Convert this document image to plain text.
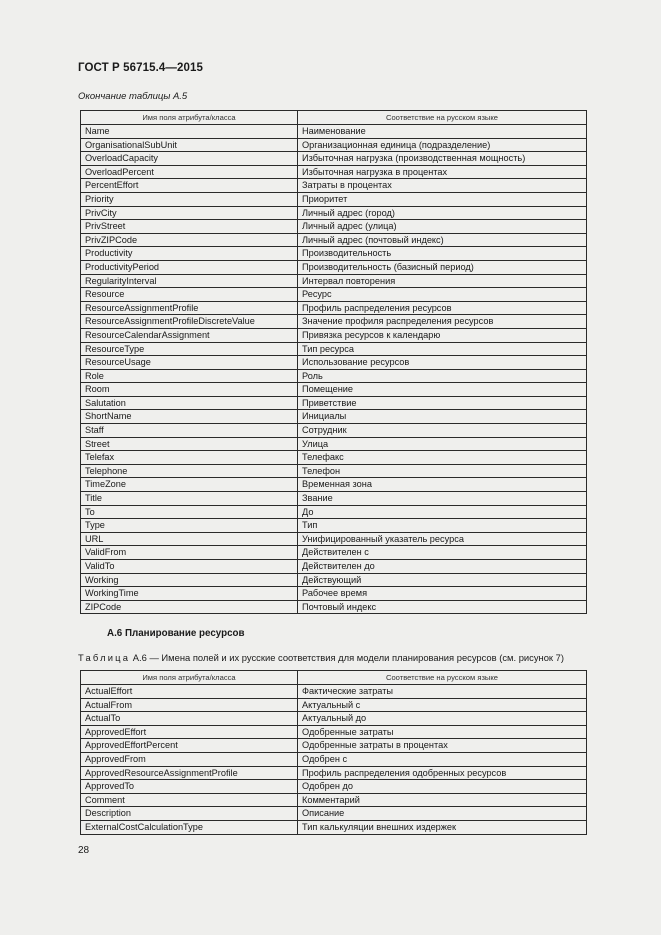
ГОСТ Р 56715.4—2015
Окончание таблицы А.5
Имя поля атрибута/класса	Соответствие на русском языке
Name	Наименование
OrganisationalSubUnit	Организационная единица (подразделение)
OverloadCapacity	Избыточная нагрузка (производственная мощность)
OverloadPercent	Избыточная нагрузка в процентах
PercentEffort	Затраты в процентах
Priority	Приоритет
PrivCity	Личный адрес (город)
PrivStreet	Личный адрес (улица)
PrivZIPCode	Личный адрес (почтовый индекс)
Productivity	Производительность
ProductivityPeriod	Производительность (базисный период)
RegularityInterval	Интервал повторения
Resource	Ресурс
ResourceAssignmentProfile	Профиль распределения ресурсов
ResourceAssignmentProfileDiscreteValue	Значение профиля распределения ресурсов
ResourceCalendarAssignment	Привязка ресурсов к календарю
ResourceType	Тип ресурса
ResourceUsage	Использование ресурсов
Role	Роль
Room	Помещение
Salutation	Приветствие
ShortName	Инициалы
Staff	Сотрудник
Street	Улица
Telefax	Телефакс
Telephone	Телефон
TimeZone	Временная зона
Title	Звание
To	До
Type	Тип
URL	Унифицированный указатель ресурса
ValidFrom	Действителен с
ValidTo	Действителен до
Working	Действующий
WorkingTime	Рабочее время
ZIPCode	Почтовый индекс
А.6 Планирование ресурсов
Таблица А.6 — Имена полей и их русские соответствия для модели планирования ресурсов (см. рисунок 7)
Имя поля атрибута/класса	Соответствие на русском языке
ActualEffort	Фактические затраты
ActualFrom	Актуальный с
ActualTo	Актуальный до
ApprovedEffort	Одобренные затраты
ApprovedEffortPercent	Одобренные затраты в процентах
ApprovedFrom	Одобрен с
ApprovedResourceAssignmentProfile	Профиль распределения одобренных ресурсов
ApprovedTo	Одобрен до
Comment	Комментарий
Description	Описание
ExternalCostCalculationType	Тип калькуляции внешних издержек
28
